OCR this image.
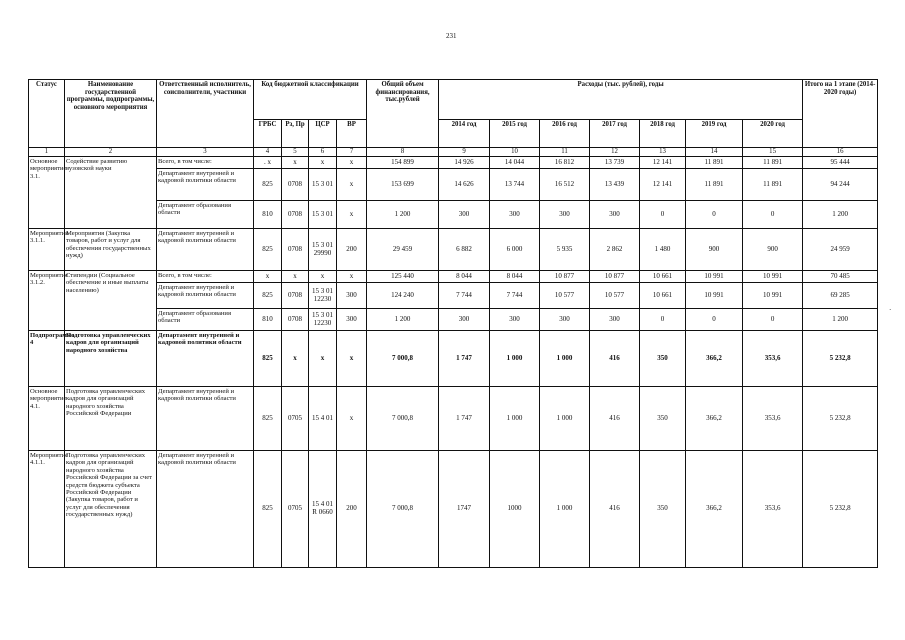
231
Статус	Наименование государственной программы, подпрограммы, основного мероприятия	Ответственный исполнитель, соисполнители, участники	Код бюджетной классификации				Общий объем финансирования, тыс.рублей	Расходы (тыс. рублей), годы							Итого на 1 этапе (2014-2020 годы)
			ГРБС	Рз, Пр	ЦСР	ВР		2014 год	2015 год	2016 год	2017 год	2018 год	2019 год	2020 год	
1	2	3	4	5	6	7	8	9	10	11	12	13	14	15	16
Основное мероприятие 3.1.	Содействие развитию вузовской науки	Всего, в том числе:	. x	x	x	x	154 899	14 926	14 044	16 812	13 739	12 141	11 891	11 891	95 444
		Департамент внутренней и кадровой политики области	825	0708	15 3 01	x	153 699	14 626	13 744	16 512	13 439	12 141	11 891	11 891	94 244
		Департамент образования области	810	0708	15 3 01	x	1 200	300	300	300	300	0	0	0	1 200
Мероприятия 3.1.1.	Мероприятия (Закупка товаров, работ и услуг для обеспечения государственных нужд)	Департамент внутренней и кадровой политики области	825	0708	15 3 01 29990	200	29 459	6 882	6 000	5 935	2 862	1 480	900	900	24 959
Мероприятие 3.1.2.	Стипендии (Социальное обеспечение и иные выплаты населению)	Всего, в том числе:	x	x	x	x	125 440	8 044	8 044	10 877	10 877	10 661	10 991	10 991	70 485
		Департамент внутренней и кадровой политики области	825	0708	15 3 01 12230	300	124 240	7 744	7 744	10 577	10 577	10 661	10 991	10 991	69 285
		Департамент образования области	810	0708	15 3 01 12230	300	1 200	300	300	300	300	0	0	0	1 200
Подпрограмма 4	Подготовка управленческих кадров для организаций народного хозяйства	Департамент внутренней и кадровой политики области	825	x	x	x	7 000,8	1 747	1 000	1 000	416	350	366,2	353,6	5 232,8
Основное мероприятие 4.1.	Подготовка управленческих кадров для организаций народного хозяйства Российской Федерации	Департамент внутренней и кадровой политики области	825	0705	15 4 01	x	7 000,8	1 747	1 000	1 000	416	350	366,2	353,6	5 232,8
Мероприятие 4.1.1.	Подготовка управленческих кадров для организаций народного хозяйства Российской Федерации за счет средств бюджета субъекта Российской Федерации (Закупка товаров, работ и услуг для обеспечения государственных нужд)	Департамент внутренней и кадровой политики области	825	0705	15 4 01 R 0660	200	7 000,8	1747	1000	1 000	416	350	366,2	353,6	5 232,8
·
